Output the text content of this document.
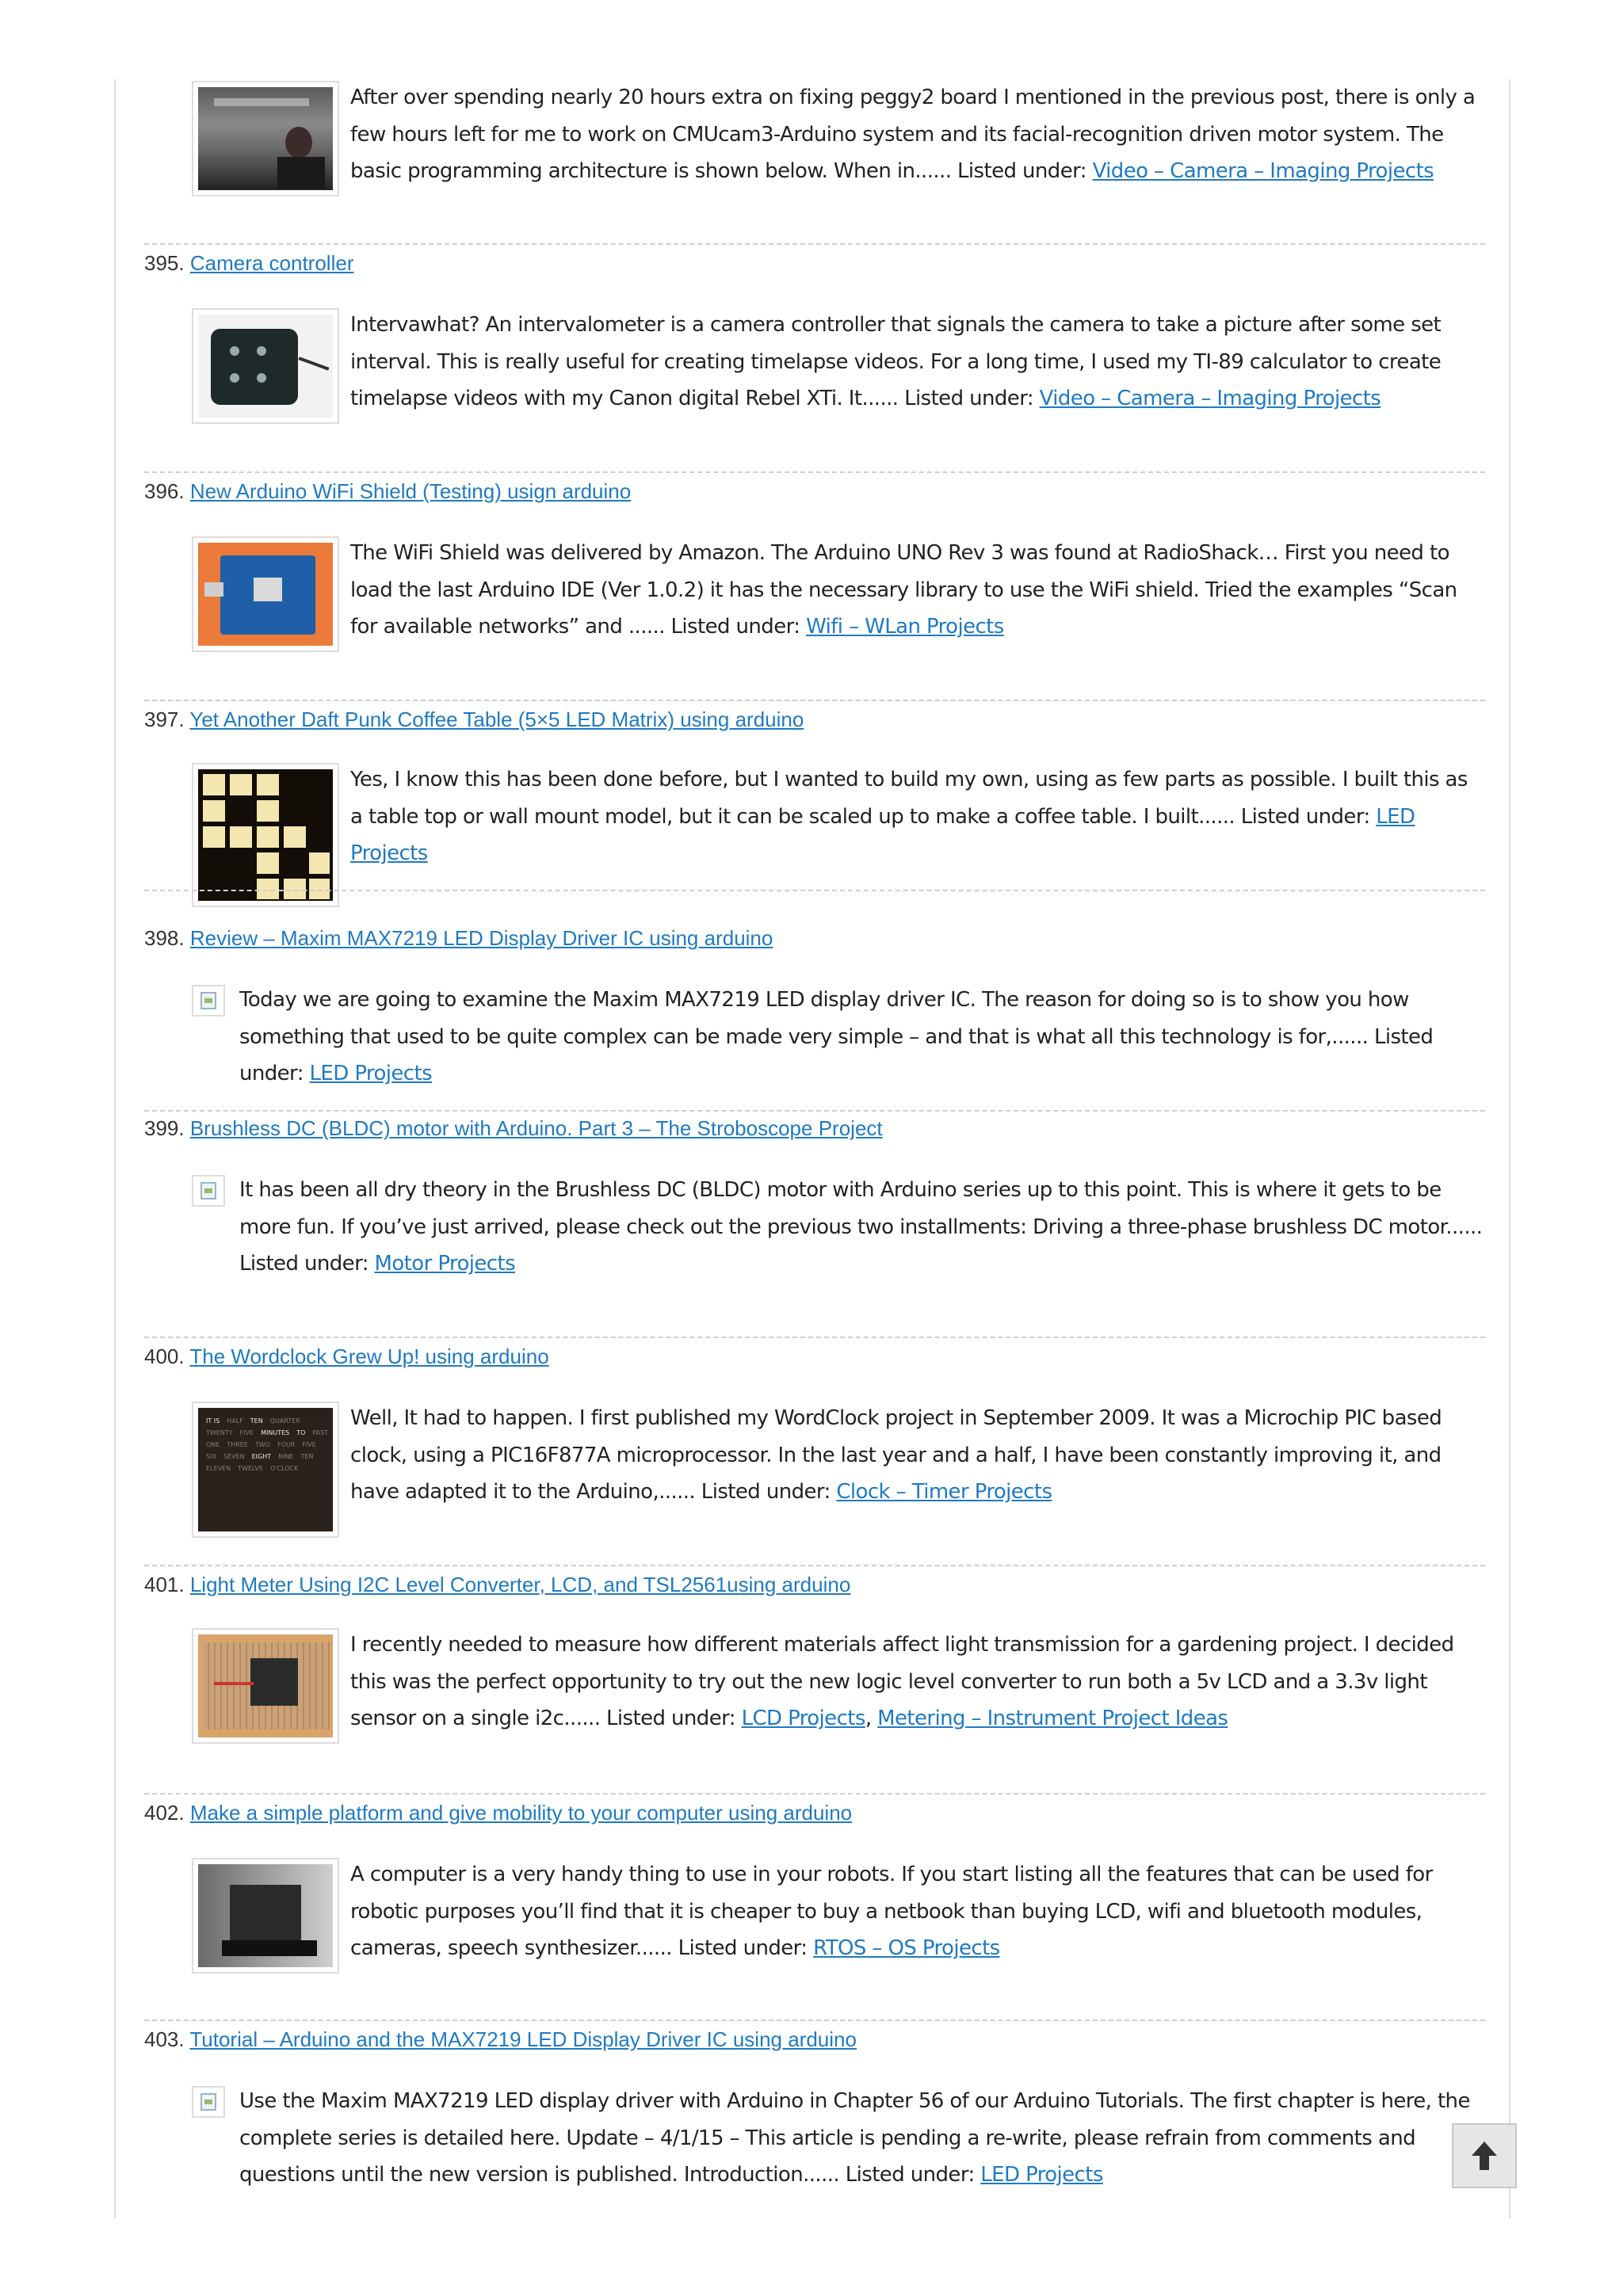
After over spending nearly 20 hours extra on fixing peggy2 board I mentioned in the previous post, there is only a few hours left for me to work on CMUcam3-Arduino system and its facial-recognition driven motor system. The basic programming architecture is shown below. When in...... Listed under: Video – Camera – Imaging Projects
395. Camera controller
Intervawhat? An intervalometer is a camera controller that signals the camera to take a picture after some set interval. This is really useful for creating timelapse videos. For a long time, I used my TI-89 calculator to create timelapse videos with my Canon digital Rebel XTi. It...... Listed under: Video – Camera – Imaging Projects
396. New Arduino WiFi Shield (Testing) usign arduino
The WiFi Shield was delivered by Amazon. The Arduino UNO Rev 3 was found at RadioShack… First you need to load the last Arduino IDE (Ver 1.0.2) it has the necessary library to use the WiFi shield. Tried the examples “Scan for available networks” and ...... Listed under: Wifi – WLan Projects
397. Yet Another Daft Punk Coffee Table (5×5 LED Matrix) using arduino
Yes, I know this has been done before, but I wanted to build my own, using as few parts as possible. I built this as a table top or wall mount model, but it can be scaled up to make a coffee table. I built...... Listed under: LED Projects
398. Review – Maxim MAX7219 LED Display Driver IC using arduino
Today we are going to examine the Maxim MAX7219 LED display driver IC. The reason for doing so is to show you how something that used to be quite complex can be made very simple – and that is what all this technology is for,...... Listed under: LED Projects
399. Brushless DC (BLDC) motor with Arduino. Part 3 – The Stroboscope Project
It has been all dry theory in the Brushless DC (BLDC) motor with Arduino series up to this point. This is where it gets to be more fun. If you’ve just arrived, please check out the previous two installments: Driving a three-phase brushless DC motor...... Listed under: Motor Projects
400. The Wordclock Grew Up! using arduino
IT IS HALF TEN QUARTER
TWENTY FIVE MINUTES TO PAST
ONE THREE TWO FOUR FIVE
SIX SEVEN EIGHT NINE TEN
ELEVEN TWELVE O'CLOCK
Well, It had to happen. I first published my WordClock project in September 2009. It was a Microchip PIC based clock, using a PIC16F877A microprocessor. In the last year and a half, I have been constantly improving it, and have adapted it to the Arduino,...... Listed under: Clock – Timer Projects
401. Light Meter Using I2C Level Converter, LCD, and TSL2561using arduino
I recently needed to measure how different materials affect light transmission for a gardening project. I decided this was the perfect opportunity to try out the new logic level converter to run both a 5v LCD and a 3.3v light sensor on a single i2c...... Listed under: LCD Projects, Metering – Instrument Project Ideas
402. Make a simple platform and give mobility to your computer using arduino
A computer is a very handy thing to use in your robots. If you start listing all the features that can be used for robotic purposes you’ll find that it is cheaper to buy a netbook than buying LCD, wifi and bluetooth modules, cameras, speech synthesizer...... Listed under: RTOS – OS Projects
403. Tutorial – Arduino and the MAX7219 LED Display Driver IC using arduino
Use the Maxim MAX7219 LED display driver with Arduino in Chapter 56 of our Arduino Tutorials. The first chapter is here, the complete series is detailed here. Update – 4/1/15 – This article is pending a re-write, please refrain from comments and questions until the new version is published. Introduction...... Listed under: LED Projects
